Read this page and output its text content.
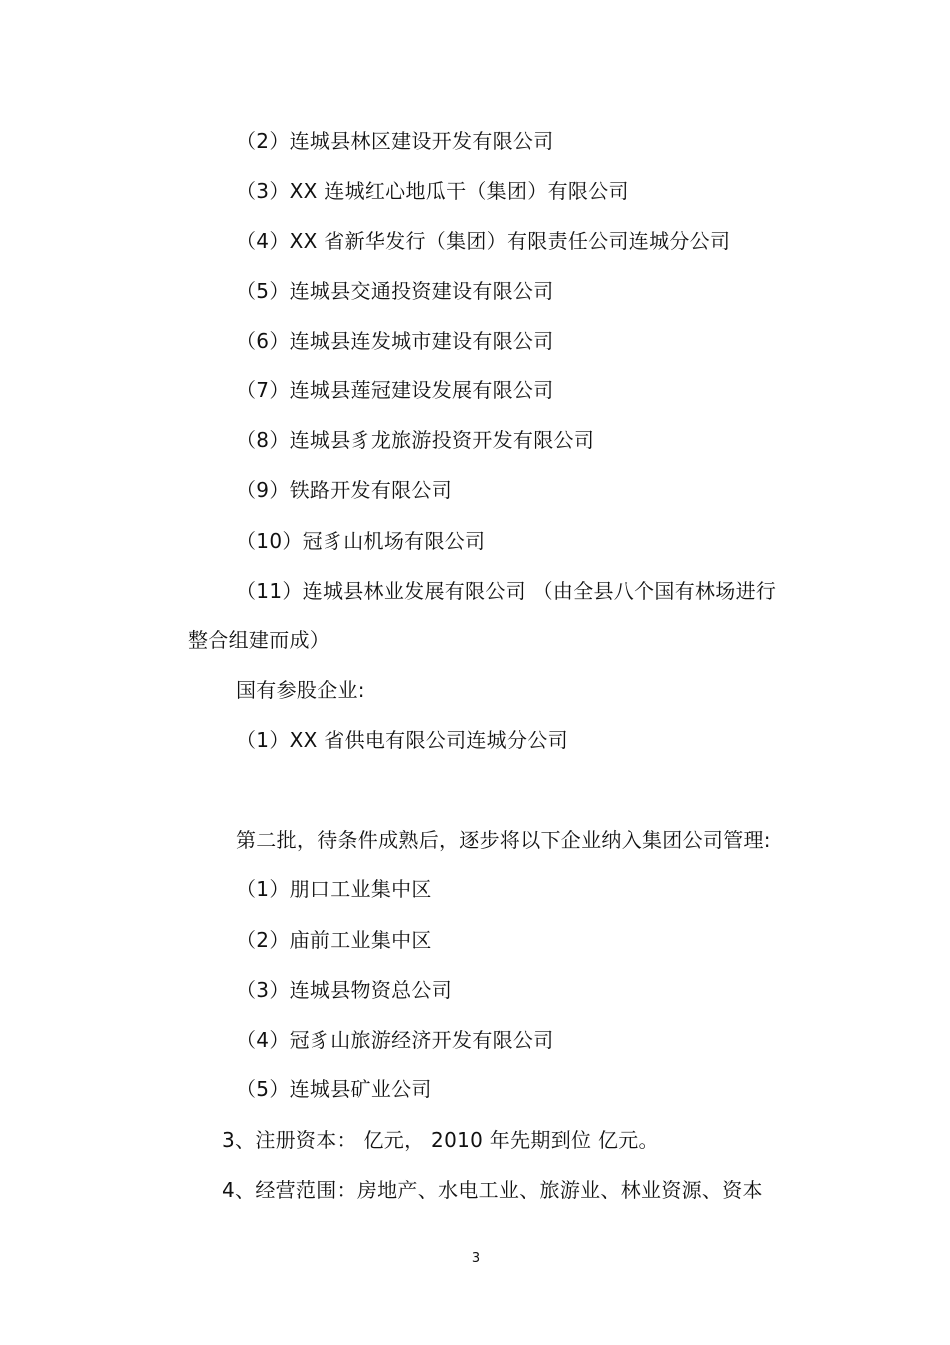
（2）连城县林区建设开发有限公司
（3）XX 连城红心地瓜干（集团）有限公司
（4）XX 省新华发行（集团）有限责任公司连城分公司
（5）连城县交通投资建设有限公司
（6）连城县连发城市建设有限公司
（7）连城县莲冠建设发展有限公司
（8）连城县豸龙旅游投资开发有限公司
（9）铁路开发有限公司
（10）冠豸山机场有限公司
（11）连城县林业发展有限公司 （由全县八个国有林场进行
整合组建而成）
国有参股企业:
（1）XX 省供电有限公司连城分公司
第二批，待条件成熟后，逐步将以下企业纳入集团公司管理:
（1）朋口工业集中区
（2）庙前工业集中区
（3）连城县物资总公司
（4）冠豸山旅游经济开发有限公司
（5）连城县矿业公司
3、注册资本： 亿元， 2010 年先期到位 亿元。
4、经营范围：房地产、水电工业、旅游业、林业资源、资本
3
